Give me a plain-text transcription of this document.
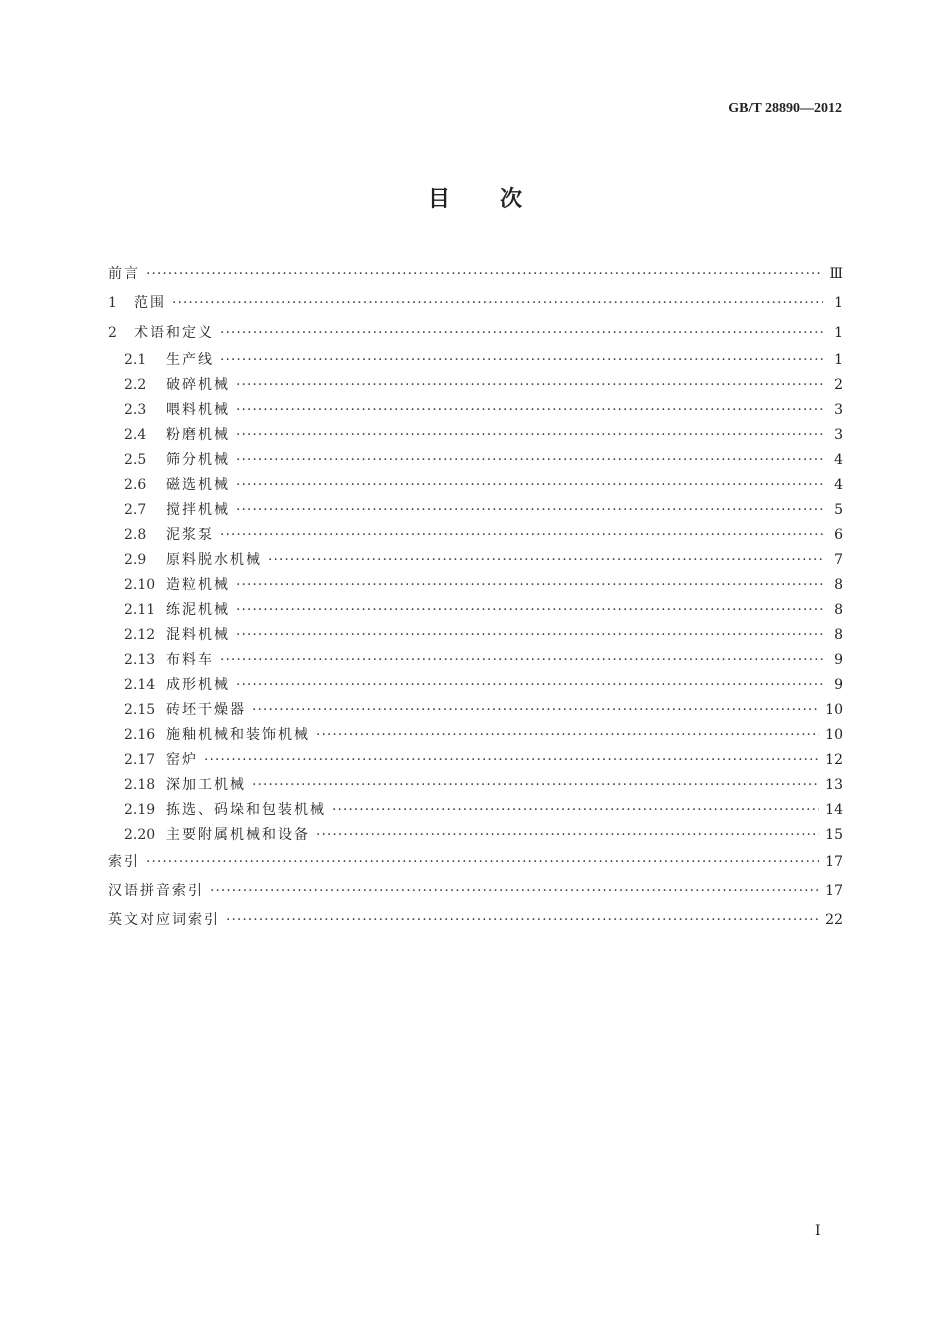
GB/T 28890—2012
目次
前言 ·····	Ⅲ
1	范围 ·····	1
2	术语和定义 ·····	1
2.1	生产线 ·····	1
2.2	破碎机械 ·····	2
2.3	喂料机械 ·····	3
2.4	粉磨机械 ·····	3
2.5	筛分机械 ·····	4
2.6	磁选机械 ·····	4
2.7	搅拌机械 ·····	5
2.8	泥浆泵 ·····	6
2.9	原料脱水机械 ·····	7
2.10 造粒机械 ·····	8
2.11 练泥机械 ·····	8
2.12 混料机械 ·····	8
2.13 布料车 ·····	9
2.14 成形机械 ·····	9
2.15 砖坯干燥器 ·····	10
2.16 施釉机械和装饰机械 ·····	10
2.17 窑炉 ·····	12
2.18 深加工机械 ·····	13
2.19 拣选、码垛和包装机械 ·····	14
2.20 主要附属机械和设备 ·····	15
索引 ·····	17
汉语拼音索引 ·····	17
英文对应词索引 ·····	22
I
